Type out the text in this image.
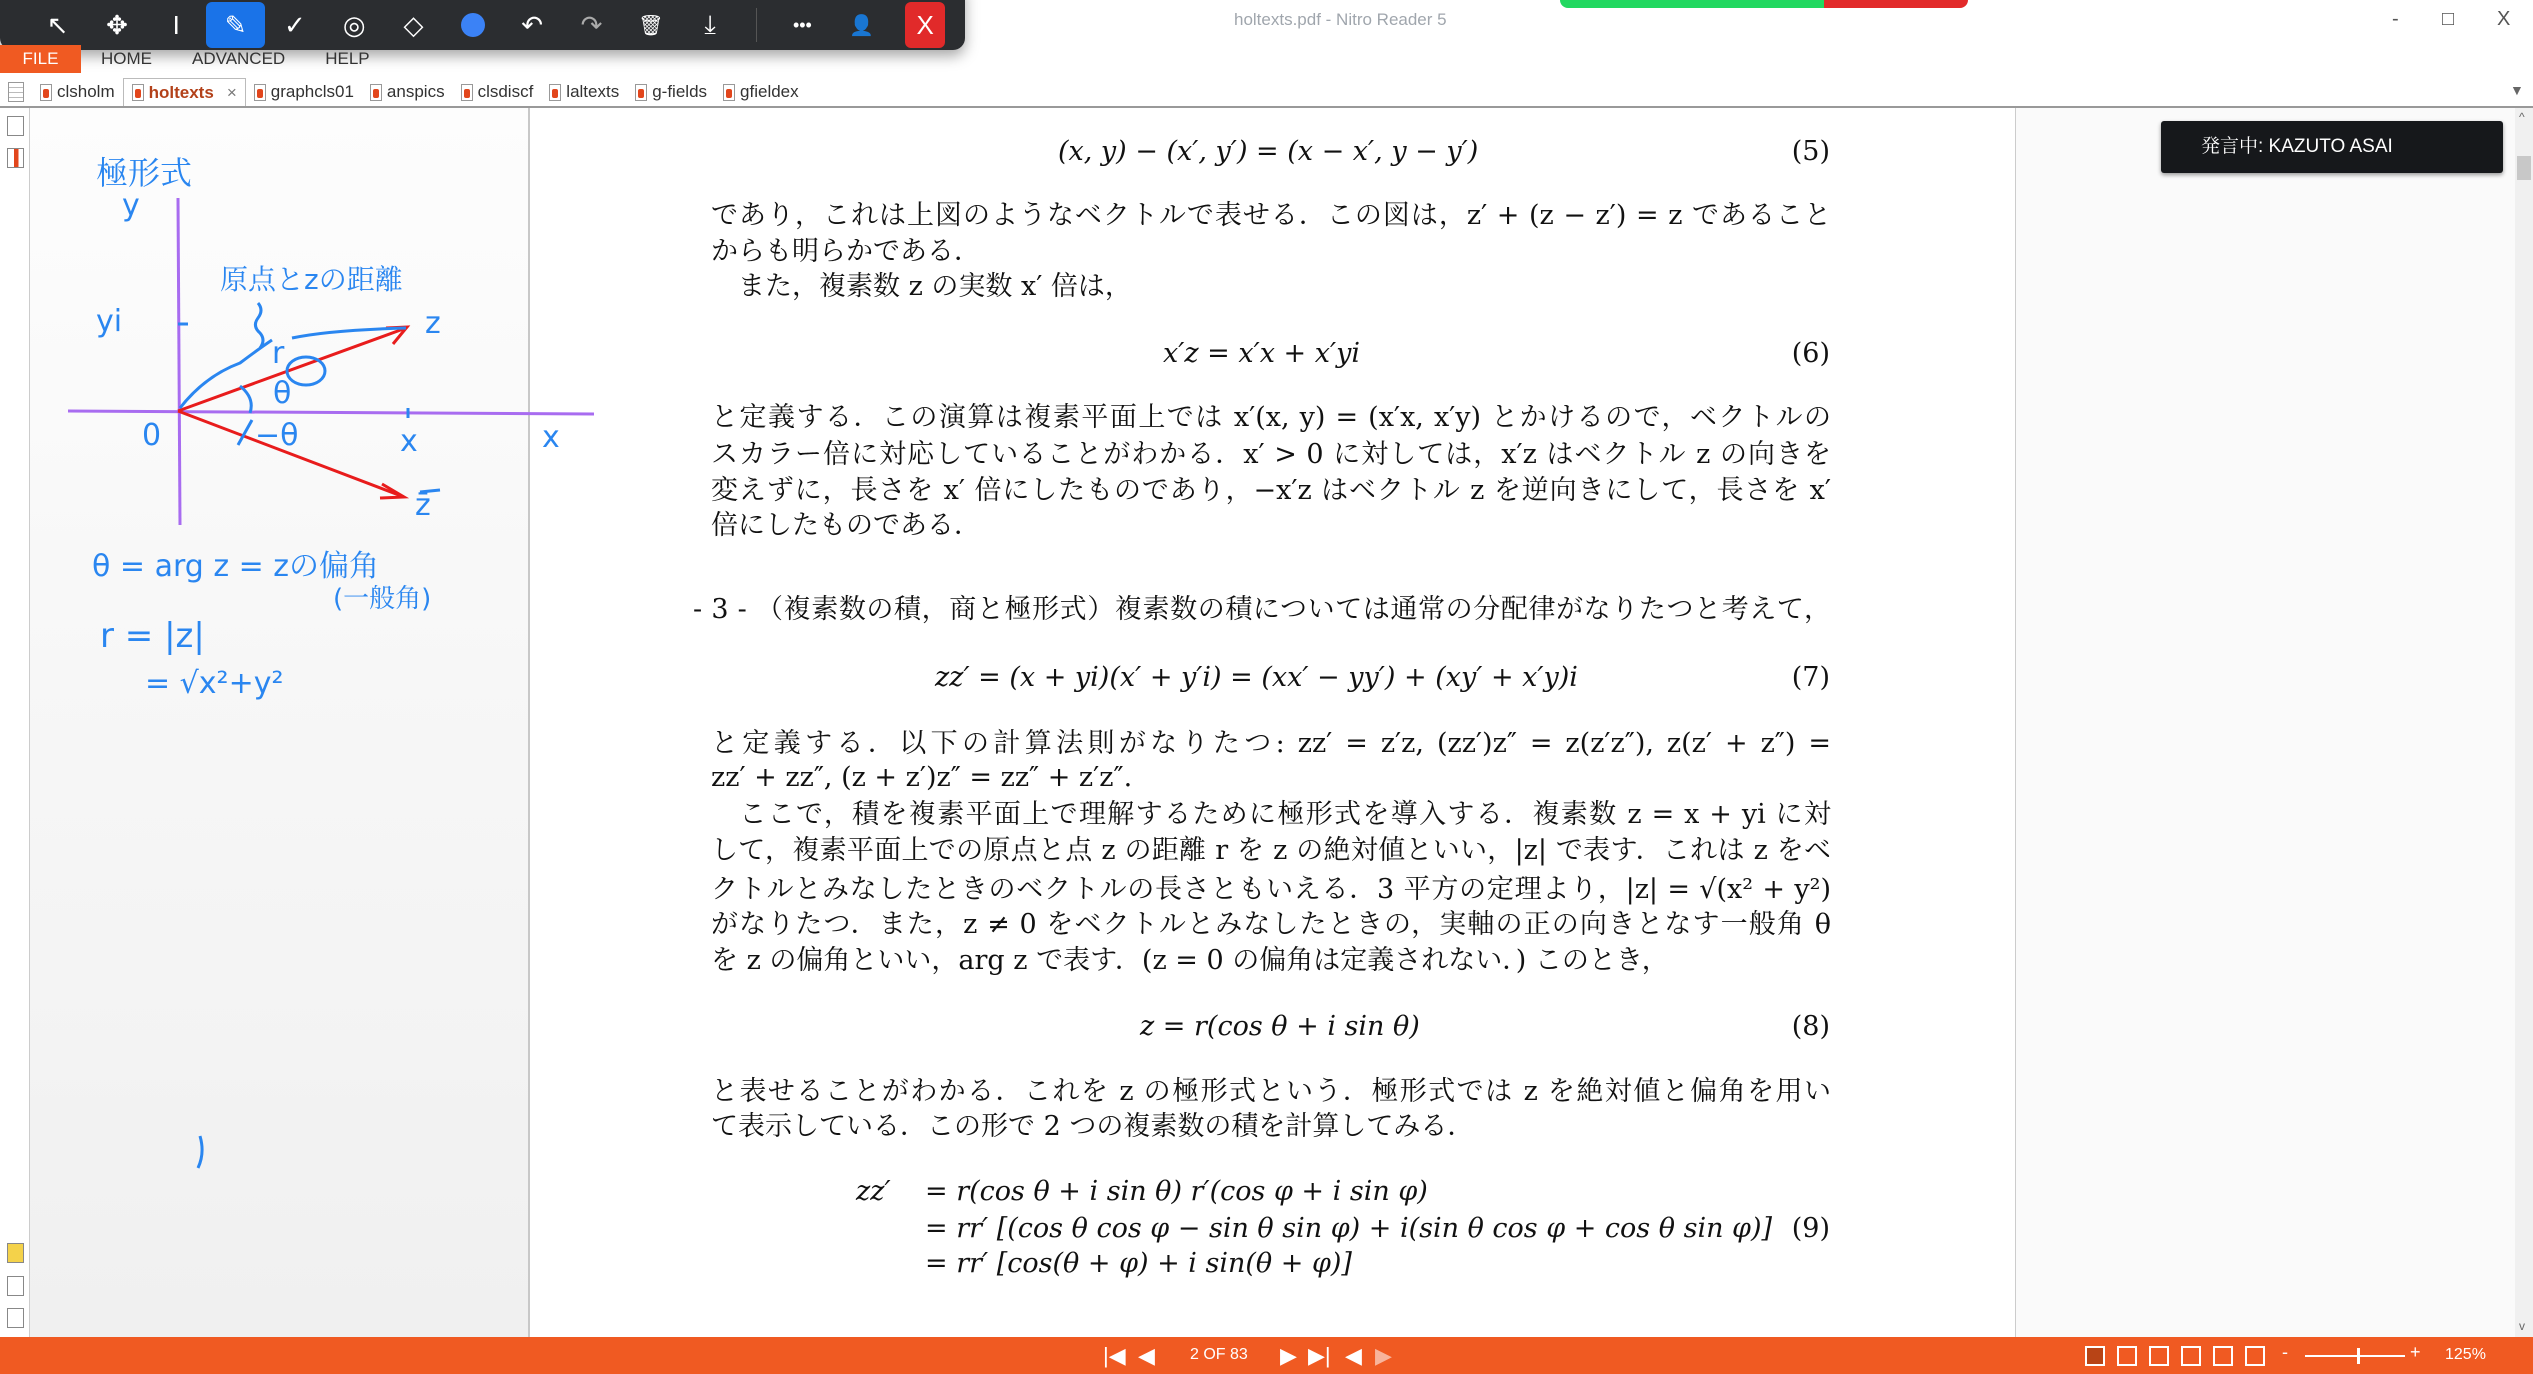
↖	✥	I	✎	✓	◎	◇	↶	↷	🗑	⤓	•••	👤	X	holtexts.pdf - Nitro Reader 5	- □ X
FILE	HOME	ADVANCED	HELP
▼
clsholm holtexts × graphcls01 anspics clsdiscf laltexts g-fields gfieldex
極形式
y
原点とzの距離
yi
r
z
θ
0	−θ	x	x
z̄
θ = arg z = zの偏角
(一般角)
r = |z|
= √x²+y²
^
v
発言中: KAZUTO ASAI
(x, y) − (x′, y′) = (x − x′, y − y′)	(5)
であり，これは上図のようなベクトルで表せる．この図は，z′ + (z − z′) = z であること
からも明らかである．
　また，複素数 z の実数 x′ 倍は，
x′z = x′x + x′yi	(6)
と定義する．この演算は複素平面上では x′(x, y) = (x′x, x′y) とかけるので，ベクトルの
スカラー倍に対応していることがわかる．x′ > 0 に対しては，x′z はベクトル z の向きを
変えずに，長さを x′ 倍にしたものであり，−x′z はベクトル z を逆向きにして，長さを x′
倍にしたものである．
- 3 - （複素数の積，商と極形式）複素数の積については通常の分配律がなりたつと考えて，
zz′ = (x + yi)(x′ + y′i) = (xx′ − yy′) + (xy′ + x′y)i	(7)
と定義する．以下の計算法則がなりたつ: zz′ = z′z, (zz′)z″ = z(z′z″), z(z′ + z″) =
zz′ + zz″, (z + z′)z″ = zz″ + z′z″.
　ここで，積を複素平面上で理解するために極形式を導入する．複素数 z = x + yi に対
して，複素平面上での原点と点 z の距離 r を z の絶対値といい，|z| で表す．これは z をベ
クトルとみなしたときのベクトルの長さともいえる．3 平方の定理より，|z| = √(x² + y²)
がなりたつ．また，z ≠ 0 をベクトルとみなしたときの，実軸の正の向きとなす一般角 θ
を z の偏角といい，arg z で表す．(z = 0 の偏角は定義されない．) このとき，
z = r(cos θ + i sin θ)	(8)
と表せることがわかる．これを z の極形式という．極形式では z を絶対値と偏角を用い
て表示している．この形で 2 つの複素数の積を計算してみる．
zz′ = r(cos θ + i sin θ) r′(cos φ + i sin φ)
= rr′ [(cos θ cos φ − sin θ sin φ) + i(sin θ cos φ + cos θ sin φ)]
= rr′ [cos(θ + φ) + i sin(θ + φ)]
(9)
|◀ ◀ 2 OF 83 ▶ ▶| ◀ ▶	-	+ 125%
